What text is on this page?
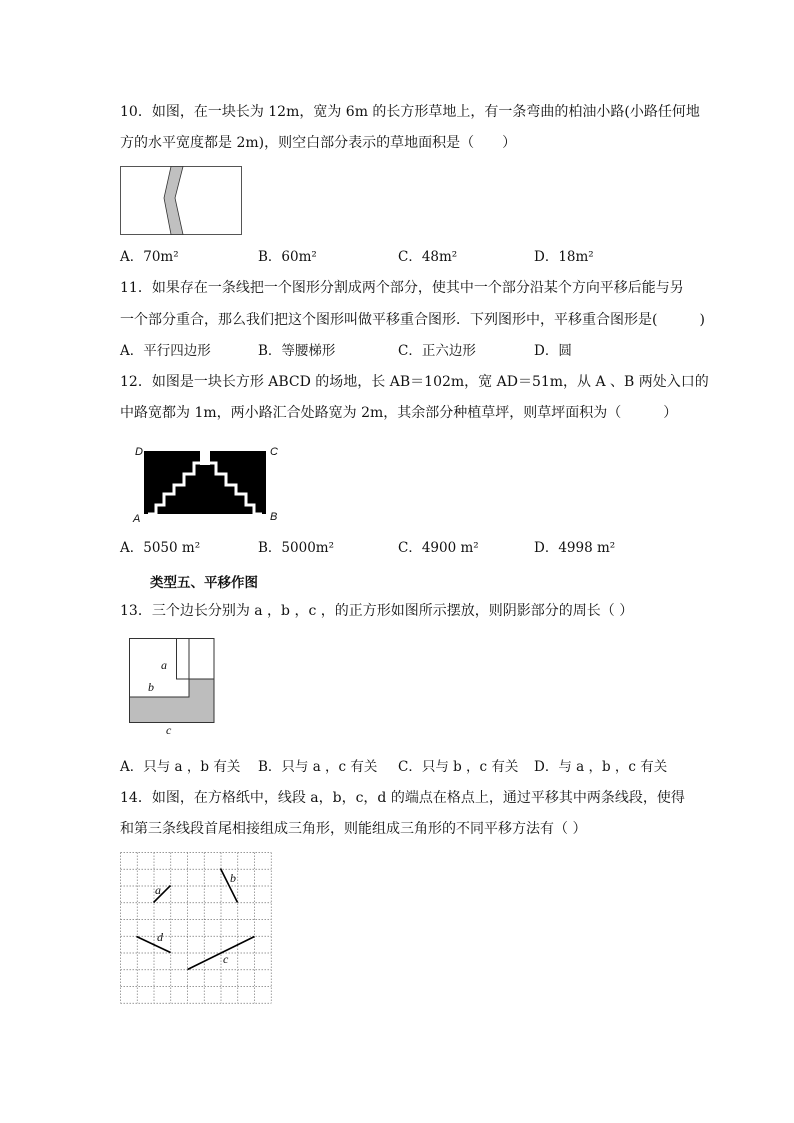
10．如图，在一块长为 12m，宽为 6m 的长方形草地上，有一条弯曲的柏油小路(小路任何地
方的水平宽度都是 2m)，则空白部分表示的草地面积是（　　）
A．70m²	B．60m²	C．48m²	D．18m²
11．如果存在一条线把一个图形分割成两个部分，使其中一个部分沿某个方向平移后能与另
一个部分重合，那么我们把这个图形叫做平移重合图形．下列图形中，平移重合图形是(　　　)
A．平行四边形	B．等腰梯形	C．正六边形	D．圆
12．如图是一块长方形 ABCD 的场地，长 AB＝102m，宽 AD＝51m，从 A 、B 两处入口的
中路宽都为 1m，两小路汇合处路宽为 2m，其余部分种植草坪，则草坪面积为（　　　）
D	C
A	B
A．5050 m²	B．5000m²	C．4900 m²	D．4998 m²
类型五、平移作图
13．三个边长分别为 a ，b ，c ，的正方形如图所示摆放，则阴影部分的周长（ ）
a
b
c
A．只与 a ，b 有关 B．只与 a ，c 有关 C．只与 b ，c 有关 D．与 a ，b ，c 有关
14．如图，在方格纸中，线段 a，b，c，d 的端点在格点上，通过平移其中两条线段，使得
和第三条线段首尾相接组成三角形，则能组成三角形的不同平移方法有（ ）
a
b
c
d
